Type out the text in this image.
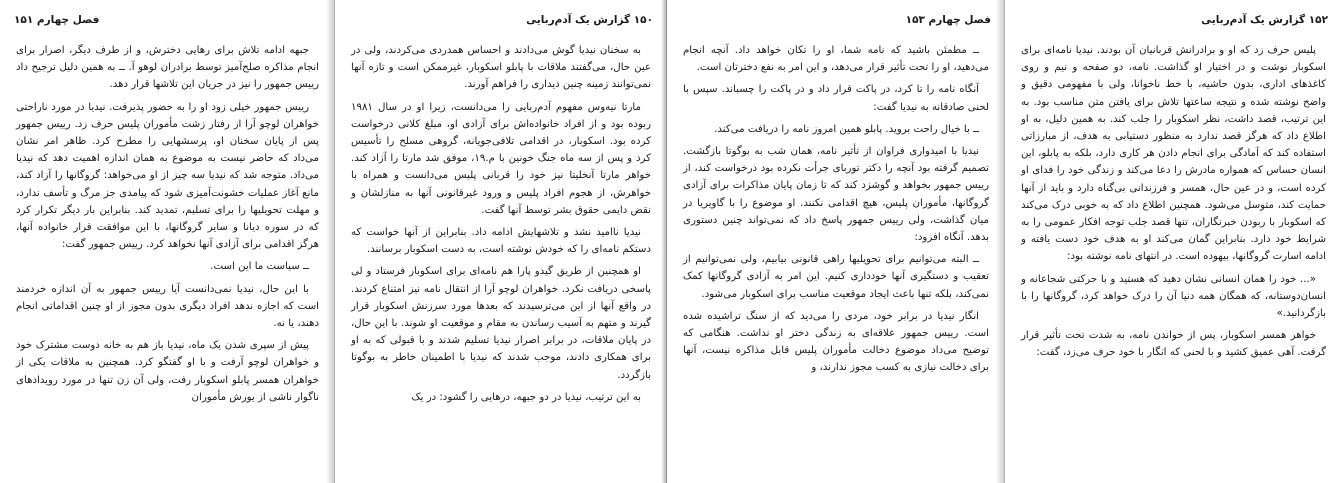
فصل چهارم ۱۵۱

جبهه ادامه تلاش برای رهایی دخترش، و از طرف دیگر، اصرار برای انجام مذاکره صلح‌آمیز توسط برادران لوهو آ. ــ به همین دلیل ترجیح داد رییس جمهور را نیز در جریان این تلاشها قرار دهد.

رییس جمهور خیلی زود او را به حضور پذیرفت. نیدیا در مورد ناراحتی خواهران لوچو آرا از رفتار زشت مأموران پلیس حرف زد. رییس جمهور پس از پایان سخنان او، پرسشهایی را مطرح کرد. ظاهر امر نشان می‌داد که حاضر نیست به موضوع به همان اندازه اهمیت دهد که نیدیا می‌داد. متوجه شد که نیدیا سه چیز از او می‌خواهد: گروگانها را آزاد کند، مانع آغاز عملیات خشونت‌آمیزی شود که پیامدی جز مرگ و تأسف ندارد، و مهلت تحویلیها را برای تسلیم، تمدید کند. بنابراین بار دیگر تکرار کرد که در سوره دیانا و سایر گروگانها، با این موافقت قرار خانواده آنها، هرگز اقدامی برای آزادی آنها نخواهد کرد. رییس جمهور گفت:

ــ سیاست ما این است.

با این حال، نیدیا نمی‌دانست آیا رییس جمهور به آن اندازه خردمند است که اجازه ندهد افراد دیگری بدون مجوز از او چنین اقداماتی انجام دهند، یا نه.

پیش از سپری شدن یک ماه، نیدیا باز هم به خانه دوست مشترک خود و خواهران لوچو آرفت و با او گفتگو کرد. همچنین به ملاقات یکی از خواهران همسر پابلو اسکوبار رفت، ولی آن زن تنها در مورد رویدادهای ناگوار ناشی از یورش مأموران

۱۵۰ گزارش یک آدم‌ربایی

به سخنان نیدیا گوش می‌دادند و احساس همدردی می‌کردند، ولی در عین حال، می‌گفتند ملاقات با پابلو اسکوبار، غیرممکن است و تازه آنها نمی‌توانند زمینه چنین دیداری را فراهم آورند.

مارتا نیه‌وس مفهوم آدم‌ربایی را می‌دانست، زیرا او در سال ۱۹۸۱ ربوده بود و از افراد خانواده‌اش برای آزادی او، مبلغ کلانی درخواست کرده بود. اسکوبار، در اقدامی تلافی‌جویانه، گروهی مسلح را تأسیس کرد و پس از سه ماه جنگ خونین با م.۱۹، موفق شد مارتا را آزاد کند. خواهر مارتا آنخلیتا نیز خود را قربانی پلیس می‌دانست و همراه با خواهرش، از هجوم افراد پلیس و ورود غیرقانونی آنها به منازلشان و نقض دایمی حقوق بشر توسط آنها گفت.

نیدیا ناامید نشد و تلاشهایش ادامه داد. بنابراین از آنها خواست که دستکم نامه‌ای را که خودش نوشته است، به دست اسکوبار برسانند.

او همچنین از طریق گیدو پارا هم نامه‌ای برای اسکوبار فرستاد و لی پاسخی دریافت نکرد. خواهران لوچو آرا از انتقال نامه نیز امتناع کردند. در واقع آنها از این می‌ترسیدند که بعدها مورد سرزنش اسکوبار قرار گیرند و متهم به آسیب رساندن به مقام و موقعیت او شوند. با این حال، در پایان ملاقات، در برابر اصرار نیدیا تسلیم شدند و با قبولی که به او برای همکاری دادند، موجب شدند که نیدیا با اطمینان خاطر به بوگوتا بازگردد.

به این ترتیب، نیدیا در دو جبهه، درهایی را گشود: در یک

فصل چهارم ۱۵۳

ــ مطمئن باشید که نامه شما، او را تکان خواهد داد. آنچه انجام می‌دهید، او را تحت تأثیر قرار می‌دهد، و این امر به نفع دخترتان است.

آنگاه نامه را تا کرد، در پاکت قرار داد و در پاکت را چسباند. سپس با لحنی صادقانه به نیدیا گفت:

ــ با خیال راحت بروید. پابلو همین امروز نامه را دریافت می‌کند.

نیدیا با امیدواری فراوان از تأثیر نامه، همان شب به بوگوتا بازگشت. تصمیم گرفته بود آنچه را دکتر توربای جرأت نکرده بود درخواست کند، از رییس جمهور بخواهد و گوشزد کند که تا زمان پایان مذاکرات برای آزادی گروگانها، مأموران پلیس، هیچ اقدامی نکنند. او موضوع را با گاویریا در میان گذاشت، ولی رییس جمهور پاسخ داد که نمی‌تواند چنین دستوری بدهد. آنگاه افزود:

ــ البته می‌توانیم برای تحویلیها راهی قانونی بیابیم، ولی نمی‌توانیم از تعقیب و دستگیری آنها خودداری کنیم. این امر به آزادی گروگانها کمک نمی‌کند، بلکه تنها باعث ایجاد موقعیت مناسب برای اسکوبار می‌شود.

انگار نیدیا در برابر خود، مردی را می‌دید که از سنگ تراشیده شده است. رییس جمهور علاقه‌ای به زندگی دختر او نداشت. هنگامی که توضیح می‌داد موضوع دخالت مأموران پلیس قابل مذاکره نیست، آنها برای دخالت نیازی به کسب مجوز ندارند، و

۱۵۲ گزارش یک آدم‌ربایی

پلیس حرف زد که او و برادرانش قربانیان آن بودند. نیدیا نامه‌ای برای اسکوبار نوشت و در اختیار او گذاشت. نامه، دو صفحه و نیم و روی کاغذهای اداری، بدون حاشیه، با خط ناخوانا، ولی با مفهومی دقیق و واضح نوشته شده و نتیجه ساعتها تلاش برای یافتن متن مناسب بود. به این ترتیب، قصد داشت، نظر اسکوبار را جلب کند. به همین دلیل، به او اطلاع داد که هرگز قصد ندارد به منظور دستیابی به هدف، از مبارزاتی استفاده کند که آمادگی برای انجام دادن هر کاری دارد، بلکه به پابلو، این انسان حساس که همواره مادرش را دعا می‌کند و زندگی خود را فدای او کرده است، و در عین حال، همسر و فرزندانی بی‌گناه دارد و باید از آنها حمایت کند، متوسل می‌شود. همچنین اطلاع داد که به خوبی درک می‌کند که اسکوبار با ربودن خبرنگاران، تنها قصد جلب توجه افکار عمومی را به شرایط خود دارد. بنابراین گمان می‌کند او به هدف خود دست یافته و ادامه اسارت گروگانها، بیهوده است. در انتهای نامه نوشته بود:

«... خود را همان انسانی نشان دهید که هستید و با حرکتی شجاعانه و انسان‌دوستانه، که همگان همه دنیا آن را درک خواهد کرد، گروگانها را با بازگردانید.»

خواهر همسر اسکوبار، پس از خواندن نامه، به شدت تحت تأثیر قرار گرفت. آهی عمیق کشید و با لحنی که انگار با خود حرف می‌زد، گفت:
